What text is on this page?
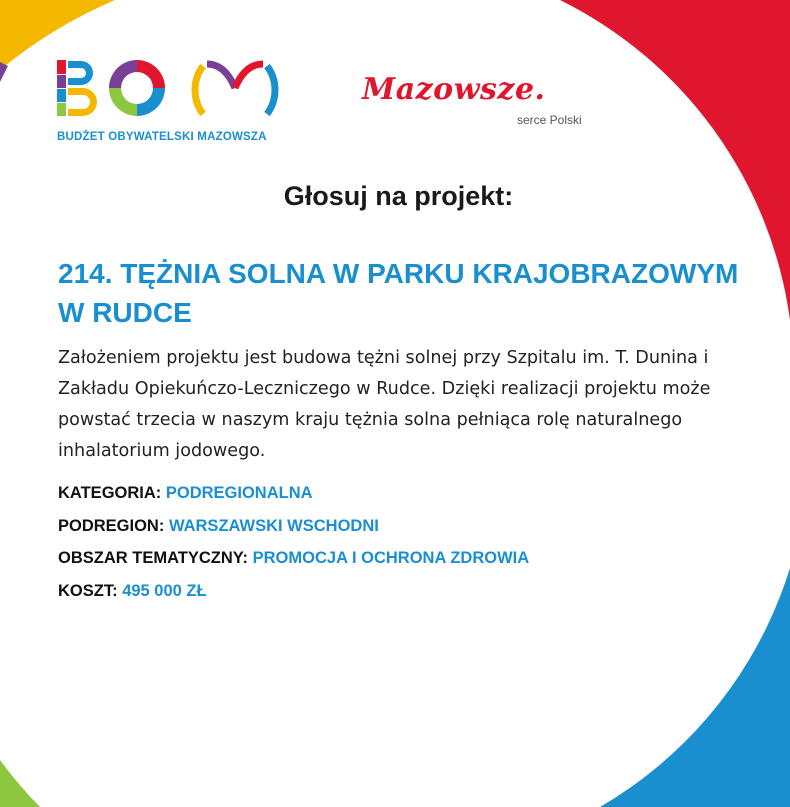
BUDŻET OBYWATELSKI MAZOWSZA
Mazowsze.
serce Polski
Głosuj na projekt:
214. TĘŻNIA SOLNA W PARKU KRAJOBRAZOWYM W RUDCE
Założeniem projektu jest budowa tężni solnej przy Szpitalu im. T. Dunina i Zakładu Opiekuńczo-Leczniczego w Rudce. Dzięki realizacji projektu może powstać trzecia w naszym kraju tężnia solna pełniąca rolę naturalnego inhalatorium jodowego.
KATEGORIA: PODREGIONALNA
PODREGION: WARSZAWSKI WSCHODNI
OBSZAR TEMATYCZNY: PROMOCJA I OCHRONA ZDROWIA
KOSZT: 495 000 ZŁ
